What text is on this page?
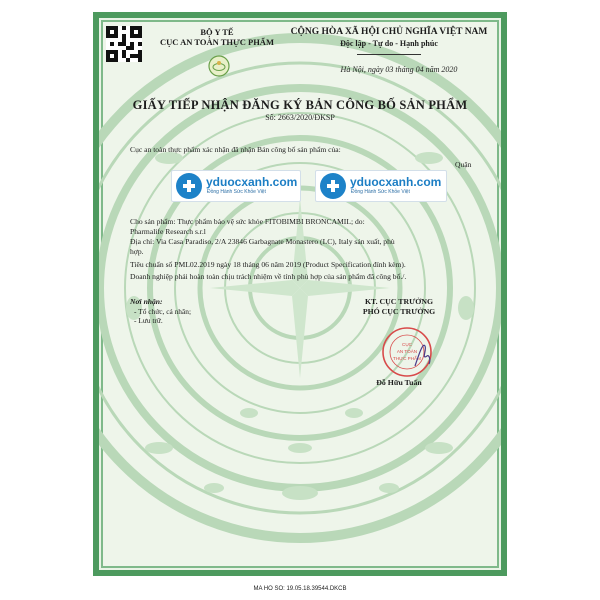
BỘ Y TẾ
CỤC AN TOÀN THỰC PHẨM
CỘNG HÒA XÃ HỘI CHỦ NGHĨA VIỆT NAM
Độc lập - Tự do - Hạnh phúc
Hà Nội, ngày 03 tháng 04 năm 2020
GIẤY TIẾP NHẬN ĐĂNG KÝ BẢN CÔNG BỐ SẢN PHẨM
Số: 2663/2020/ĐKSP
Cục an toàn thực phẩm xác nhận đã nhận Bản công bố sản phẩm của:
Quận
yduocxanh.com
Đồng Hành Sức Khỏe Việt
yduocxanh.com
Đồng Hành Sức Khỏe Việt
Cho sản phẩm: Thực phẩm bảo vệ sức khỏe FITOBIMBI BRONCAMIL; do:
Pharmalife Research s.r.l
Địa chỉ: Via Casa Paradiso, 2/A 23846 Garbagnate Monastero (LC), Italy sản xuất, phù
hợp.
Tiêu chuẩn số PML02.2019 ngày 18 tháng 06 năm 2019 (Product Specification đính kèm).
Doanh nghiệp phải hoàn toàn chịu trách nhiệm về tính phù hợp của sản phẩm đã công bố./.
Nơi nhận:
- Tổ chức, cá nhân;
- Lưu trữ.
KT. CỤC TRƯỞNG
PHÓ CỤC TRƯỞNG
CỤC
AN TOÀN
THỰC PHẨM
Đỗ Hữu Tuấn
MA HO SO: 19.05.18.39544.DKCB
